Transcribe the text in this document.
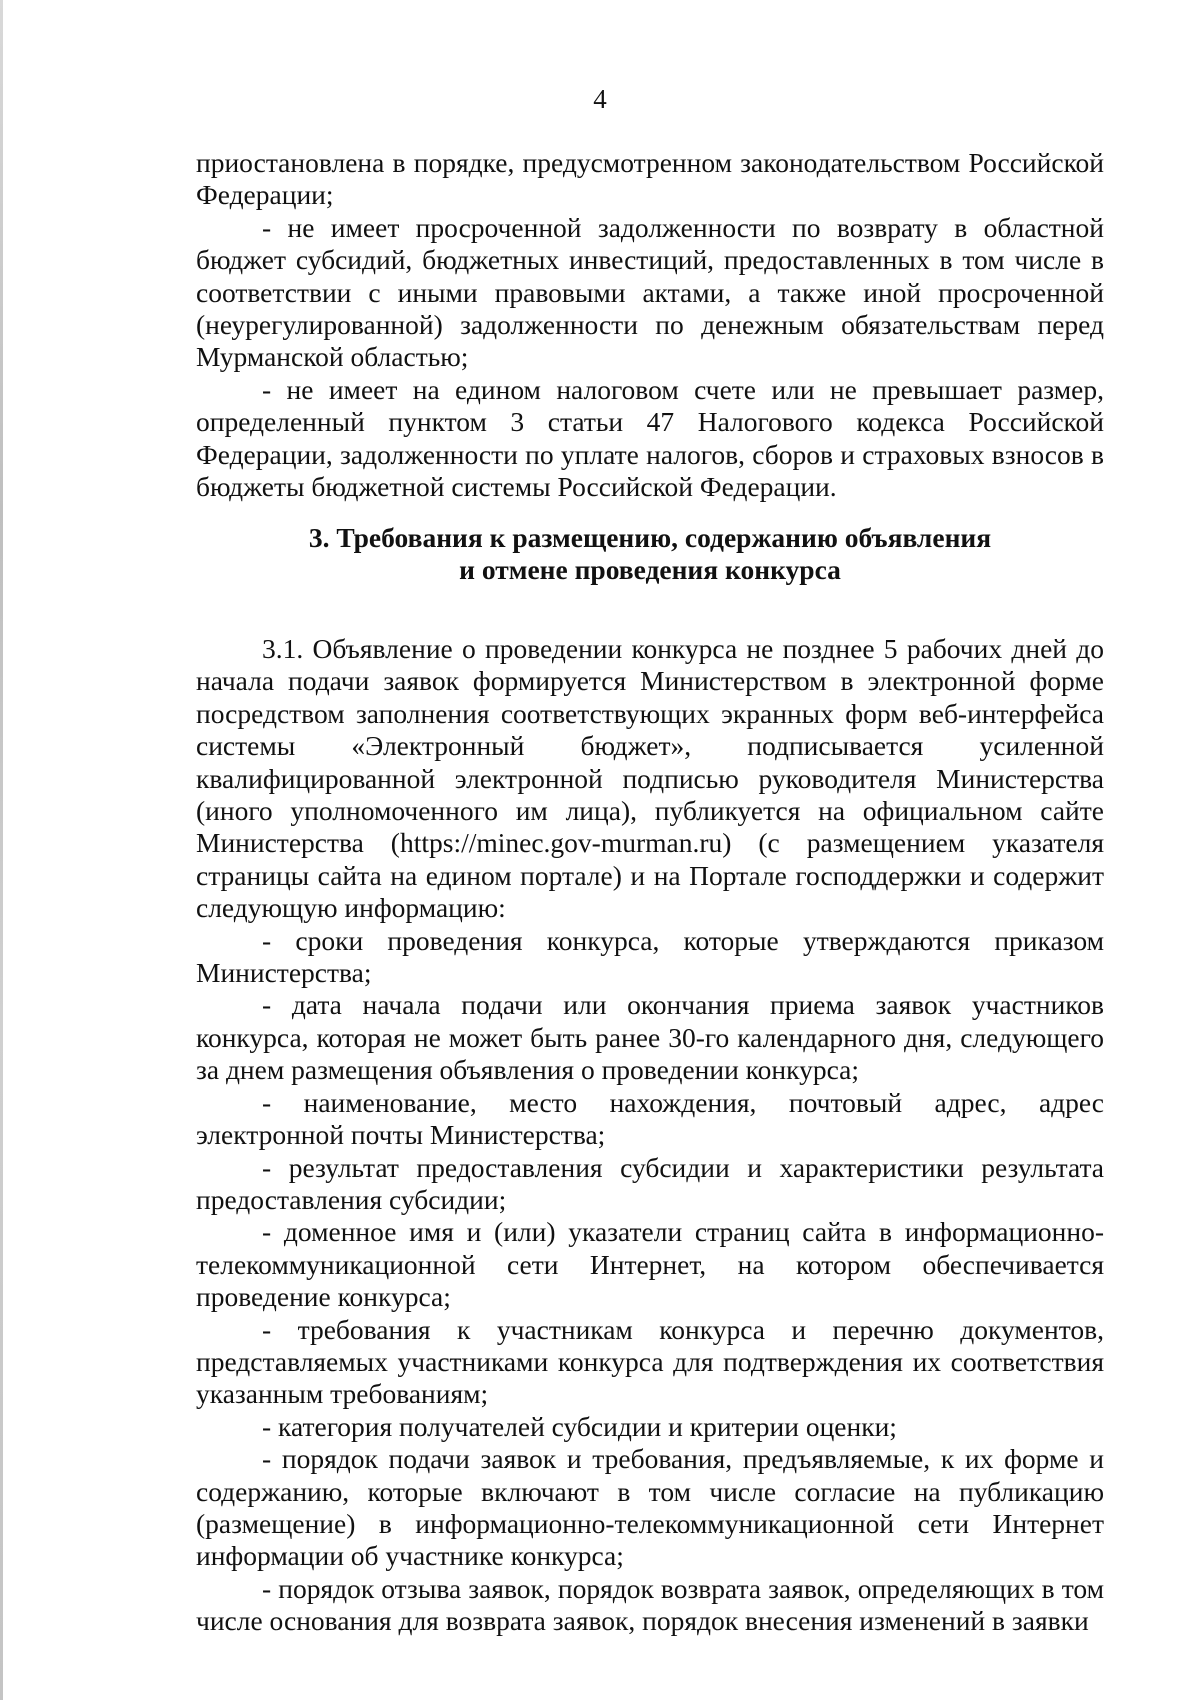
4

приостановлена в порядке, предусмотренном законодательством Российской Федерации;

- не имеет просроченной задолженности по возврату в областной бюджет субсидий, бюджетных инвестиций, предоставленных в том числе в соответствии с иными правовыми актами, а также иной просроченной (неурегулированной) задолженности по денежным обязательствам перед Мурманской областью;

- не имеет на едином налоговом счете или не превышает размер, определенный пунктом 3 статьи 47 Налогового кодекса Российской Федерации, задолженности по уплате налогов, сборов и страховых взносов в бюджеты бюджетной системы Российской Федерации.

3. Требования к размещению, содержанию объявления
и отмене проведения конкурса

3.1. Объявление о проведении конкурса не позднее 5 рабочих дней до начала подачи заявок формируется Министерством в электронной форме посредством заполнения соответствующих экранных форм веб-интерфейса системы «Электронный бюджет», подписывается усиленной квалифицированной электронной подписью руководителя Министерства (иного уполномоченного им лица), публикуется на официальном сайте Министерства (https://minec.gov-murman.ru) (с размещением указателя страницы сайта на едином портале) и на Портале господдержки и содержит следующую информацию:

- сроки проведения конкурса, которые утверждаются приказом Министерства;

- дата начала подачи или окончания приема заявок участников конкурса, которая не может быть ранее 30-го календарного дня, следующего за днем размещения объявления о проведении конкурса;

- наименование, место нахождения, почтовый адрес, адрес электронной почты Министерства;

- результат предоставления субсидии и характеристики результата предоставления субсидии;

- доменное имя и (или) указатели страниц сайта в информационно-телекоммуникационной сети Интернет, на котором обеспечивается проведение конкурса;

- требования к участникам конкурса и перечню документов, представляемых участниками конкурса для подтверждения их соответствия указанным требованиям;

- категория получателей субсидии и критерии оценки;

- порядок подачи заявок и требования, предъявляемые, к их форме и содержанию, которые включают в том числе согласие на публикацию (размещение) в информационно-телекоммуникационной сети Интернет информации об участнике конкурса;

- порядок отзыва заявок, порядок возврата заявок, определяющих в том числе основания для возврата заявок, порядок внесения изменений в заявки
